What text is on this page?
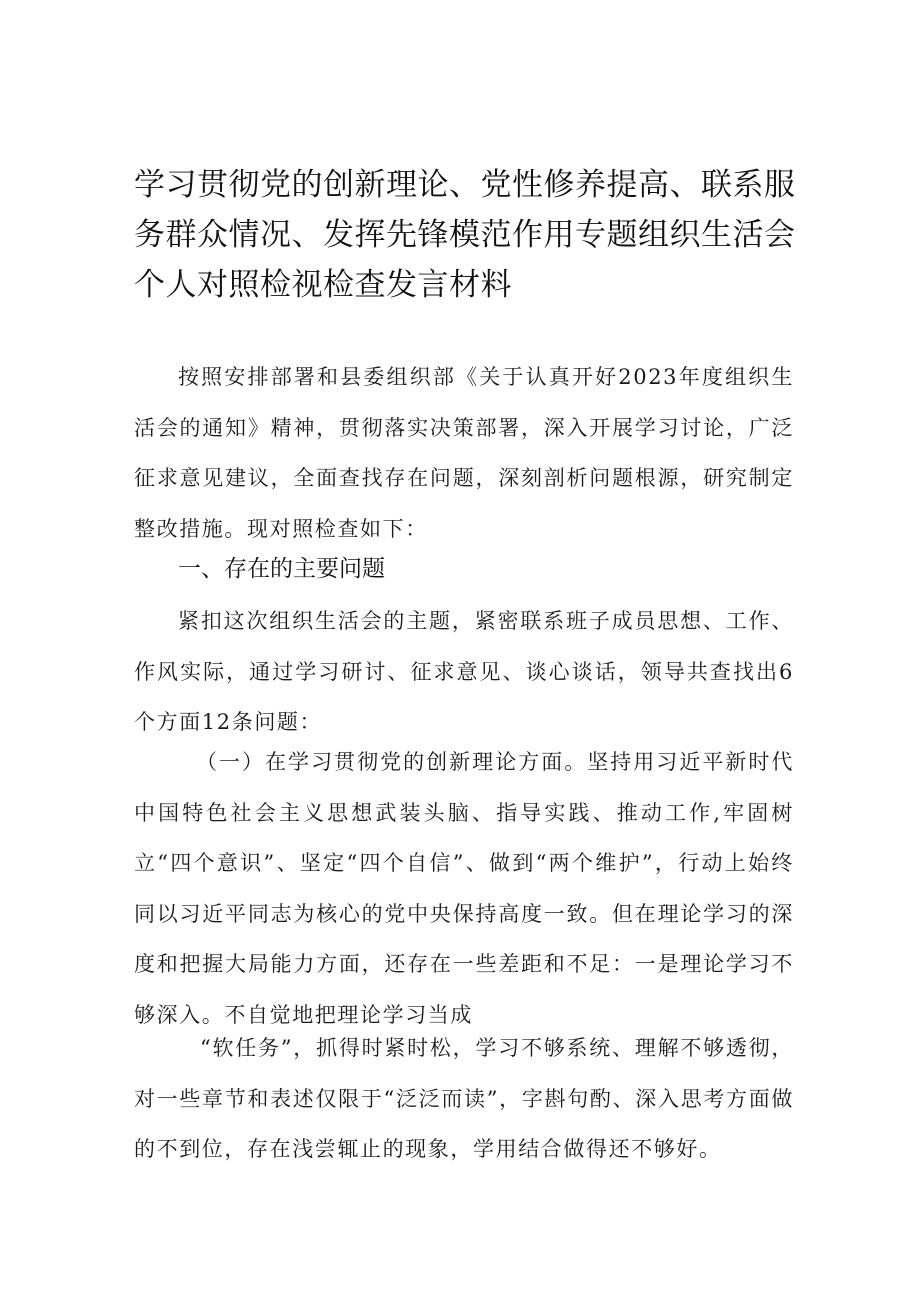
学习贯彻党的创新理论、党性修养提高、联系服务群众情况、发挥先锋模范作用专题组织生活会个人对照检视检查发言材料

按照安排部署和县委组织部《关于认真开好2023年度组织生活会的通知》精神，贯彻落实决策部署，深入开展学习讨论，广泛征求意见建议，全面查找存在问题，深刻剖析问题根源，研究制定整改措施。现对照检查如下：

一、存在的主要问题

紧扣这次组织生活会的主题，紧密联系班子成员思想、工作、作风实际，通过学习研讨、征求意见、谈心谈话，领导共查找出6个方面12条问题：

（一）在学习贯彻党的创新理论方面。坚持用习近平新时代中国特色社会主义思想武装头脑、指导实践、推动工作,牢固树立“四个意识”、坚定“四个自信”、做到“两个维护”，行动上始终同以习近平同志为核心的党中央保持高度一致。但在理论学习的深度和把握大局能力方面，还存在一些差距和不足：一是理论学习不够深入。不自觉地把理论学习当成

“软任务”，抓得时紧时松，学习不够系统、理解不够透彻，对一些章节和表述仅限于“泛泛而读”，字斟句酌、深入思考方面做的不到位，存在浅尝辄止的现象，学用结合做得还不够好。
